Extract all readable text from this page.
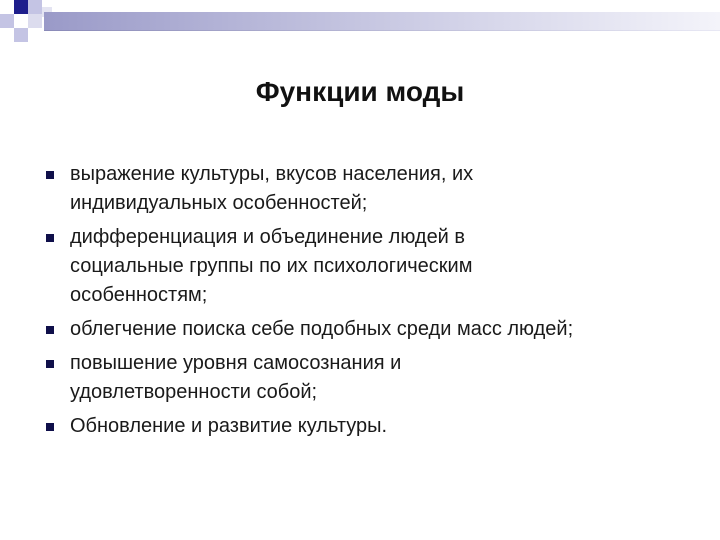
Функции моды
выражение культуры, вкусов населения, их
индивидуальных особенностей;
дифференциация и объединение людей в
социальные группы по их психологическим
особенностям;
облегчение поиска себе подобных среди масс людей;
повышение уровня самосознания и
удовлетворенности собой;
Обновление и развитие культуры.
